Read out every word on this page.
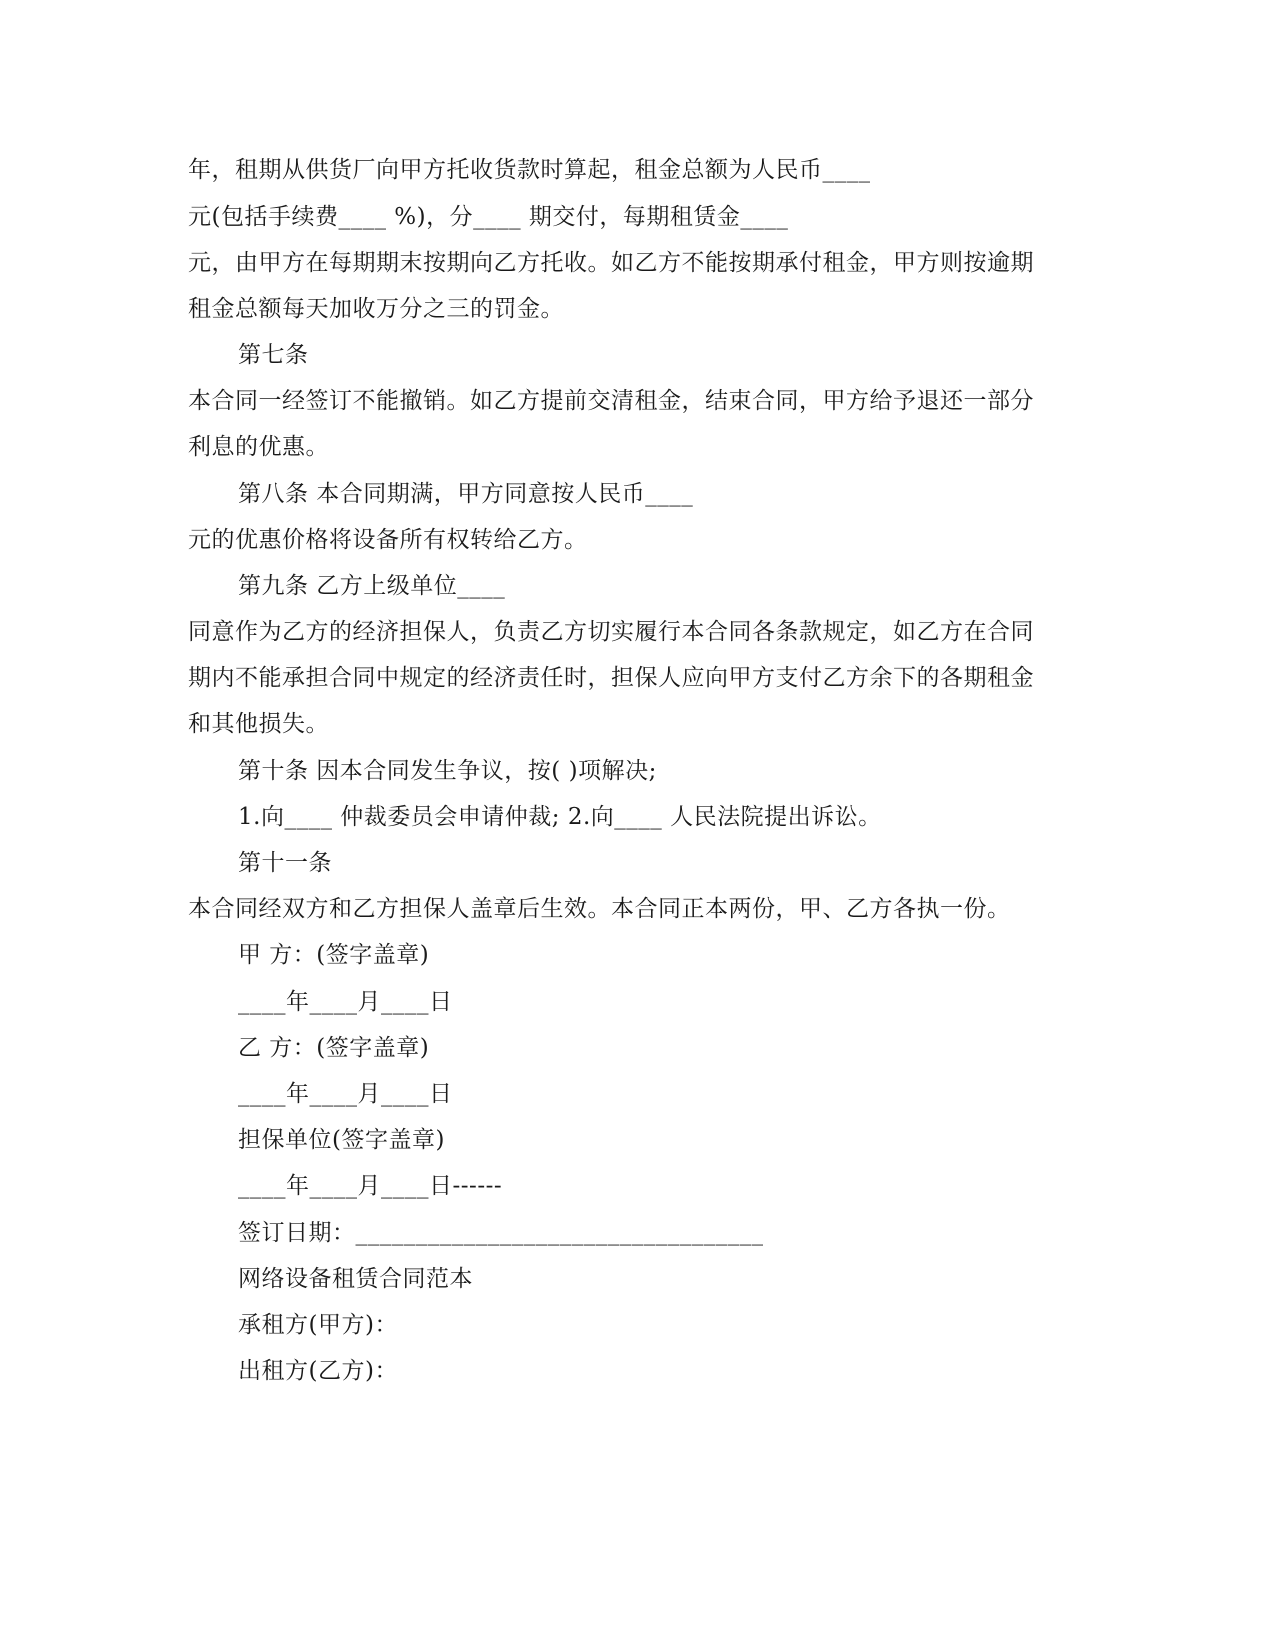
年，租期从供货厂向甲方托收货款时算起，租金总额为人民币____
元(包括手续费____ %)，分____ 期交付，每期租赁金____
元，由甲方在每期期末按期向乙方托收。如乙方不能按期承付租金，甲方则按逾期
租金总额每天加收万分之三的罚金。
第七条
本合同一经签订不能撤销。如乙方提前交清租金，结束合同，甲方给予退还一部分
利息的优惠。
第八条 本合同期满，甲方同意按人民币____
元的优惠价格将设备所有权转给乙方。
第九条 乙方上级单位____
同意作为乙方的经济担保人，负责乙方切实履行本合同各条款规定，如乙方在合同
期内不能承担合同中规定的经济责任时，担保人应向甲方支付乙方余下的各期租金
和其他损失。
第十条 因本合同发生争议，按( )项解决;
1.向____ 仲裁委员会申请仲裁; 2.向____ 人民法院提出诉讼。
第十一条
本合同经双方和乙方担保人盖章后生效。本合同正本两份，甲、乙方各执一份。
甲 方：(签字盖章)
____年____月____日
乙 方：(签字盖章)
____年____月____日
担保单位(签字盖章)
____年____月____日------
签订日期：__________________________________
网络设备租赁合同范本
承租方(甲方)：
出租方(乙方)：
